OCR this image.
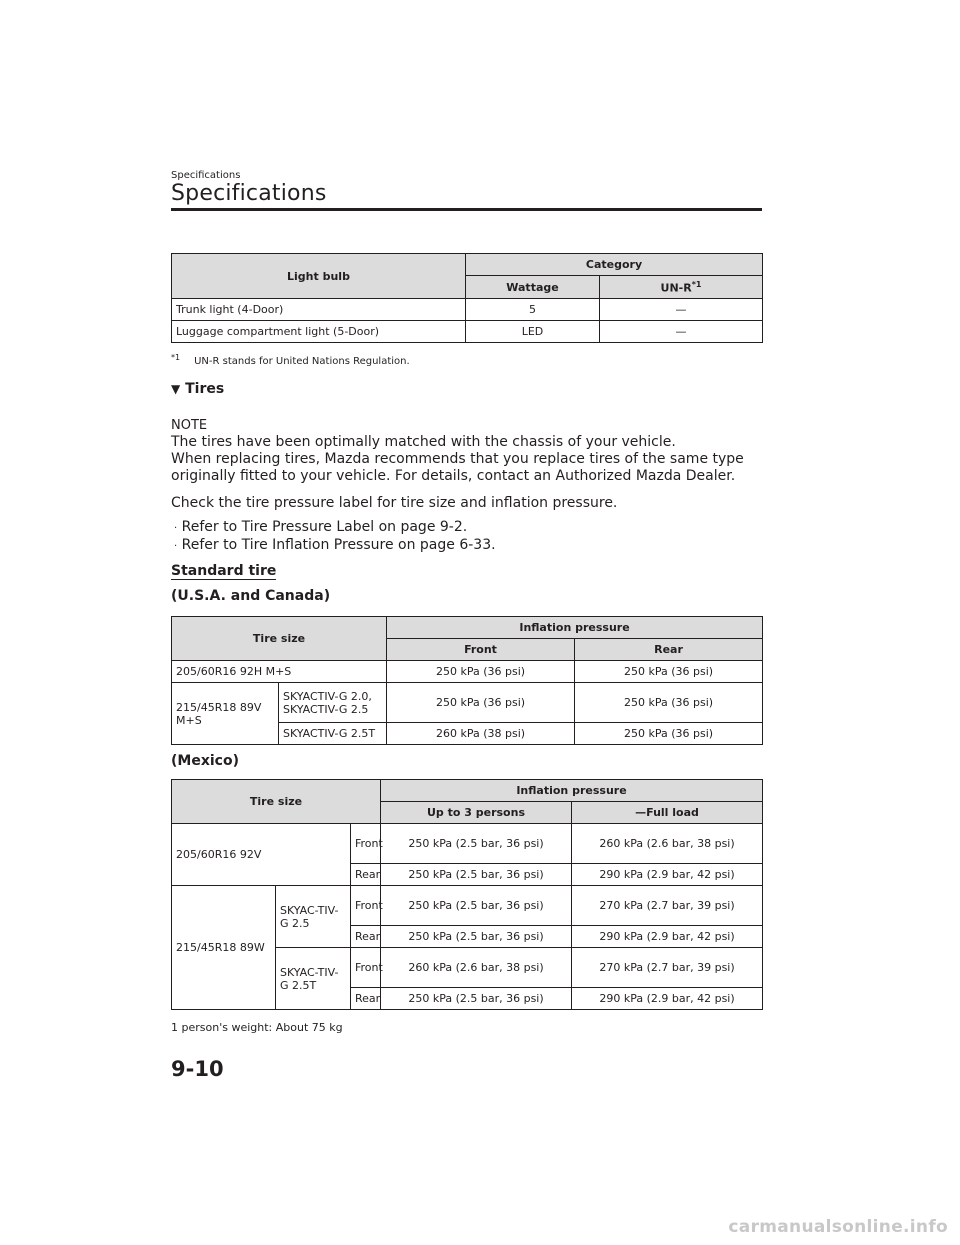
Specifications
Specifications
Light bulb	Category	
	Wattage	$UN-R^{*1}$
Trunk light (4-Door)	5	—
Luggage compartment light (5-Door)	LED	—
$^{*1}$ UN-R stands for United Nations Regulation.
▼ Tires
NOTE
The tires have been optimally matched with the chassis of your vehicle.
When replacing tires, Mazda recommends that you replace tires of the same type
originally fitted to your vehicle. For details, contact an Authorized Mazda Dealer.
Check the tire pressure label for tire size and inflation pressure.
· Refer to Tire Pressure Label on page 9-2.
· Refer to Tire Inflation Pressure on page 6-33.
Standard tire
(U.S.A. and Canada)
Tire size		Inflation pressure	
		Front	Rear
205/60R16 92H M+S		250 kPa (36 psi)	250 kPa (36 psi)
215/45R18 89V M+S	SKYACTIV-G 2.0, SKYACTIV-G 2.5	250 kPa (36 psi)	250 kPa (36 psi)
	SKYACTIV-G 2.5T	260 kPa (38 psi)	250 kPa (36 psi)
(Mexico)
Tire size			Inflation pressure	
			Up to 3 persons	—Full load
205/60R16 92V		Front	250 kPa (2.5 bar, 36 psi)	260 kPa (2.6 bar, 38 psi)
		Rear	250 kPa (2.5 bar, 36 psi)	290 kPa (2.9 bar, 42 psi)
215/45R18 89W	SKYAC-TIV-G 2.5	Front	250 kPa (2.5 bar, 36 psi)	270 kPa (2.7 bar, 39 psi)
		Rear	250 kPa (2.5 bar, 36 psi)	290 kPa (2.9 bar, 42 psi)
	SKYAC-TIV-G 2.5T	Front	260 kPa (2.6 bar, 38 psi)	270 kPa (2.7 bar, 39 psi)
		Rear	250 kPa (2.5 bar, 36 psi)	290 kPa (2.9 bar, 42 psi)
1 person's weight: About 75 kg
9-10
carmanualsonline.info
